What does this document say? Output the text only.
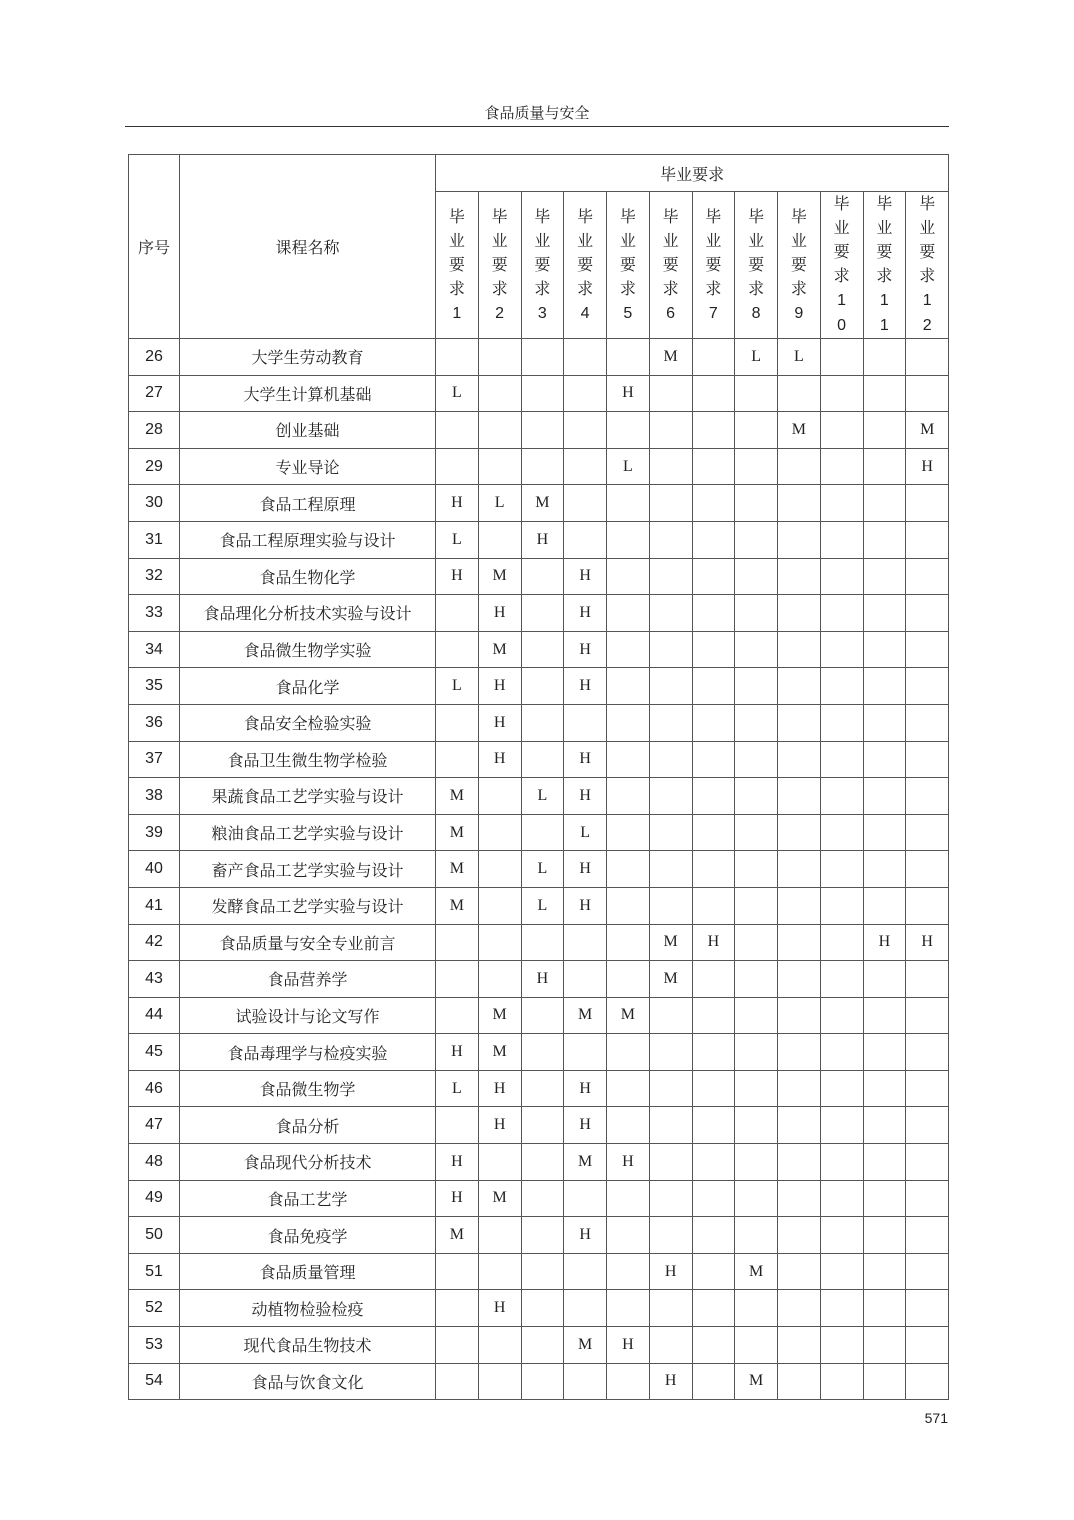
食品质量与安全
序号	课程名称	毕业要求											
		毕业要求1	毕业要求2	毕业要求3	毕业要求4	毕业要求5	毕业要求6	毕业要求7	毕业要求8	毕业要求9	毕业要求10	毕业要求11	毕业要求12
26	大学生劳动教育						M		L	L			
27	大学生计算机基础	L				H							
28	创业基础									M			M
29	专业导论					L							H
30	食品工程原理	H	L	M									
31	食品工程原理实验与设计	L		H									
32	食品生物化学	H	M		H								
33	食品理化分析技术实验与设计		H		H								
34	食品微生物学实验		M		H								
35	食品化学	L	H		H								
36	食品安全检验实验		H										
37	食品卫生微生物学检验		H		H								
38	果蔬食品工艺学实验与设计	M		L	H								
39	粮油食品工艺学实验与设计	M			L								
40	畜产食品工艺学实验与设计	M		L	H								
41	发酵食品工艺学实验与设计	M		L	H								
42	食品质量与安全专业前言						M	H				H	H
43	食品营养学			H			M						
44	试验设计与论文写作		M		M	M							
45	食品毒理学与检疫实验	H	M										
46	食品微生物学	L	H		H								
47	食品分析		H		H								
48	食品现代分析技术	H			M	H							
49	食品工艺学	H	M										
50	食品免疫学	M			H								
51	食品质量管理						H		M				
52	动植物检验检疫		H										
53	现代食品生物技术				M	H							
54	食品与饮食文化						H		M				
571
